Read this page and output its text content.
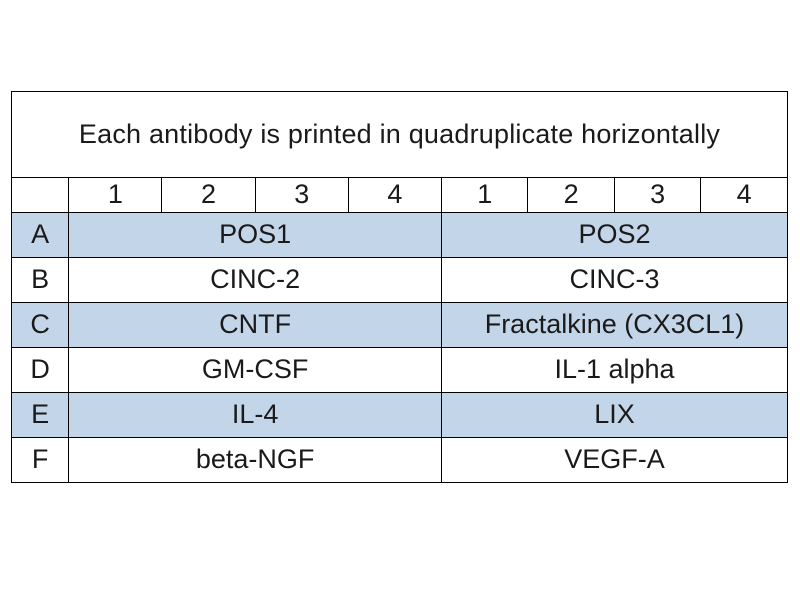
Each antibody is printed in quadruplicate horizontally								
	1	2	3	4	1	2	3	4
A	POS1				POS2			
B	CINC-2				CINC-3			
C	CNTF				Fractalkine (CX3CL1)			
D	GM-CSF				IL-1 alpha			
E	IL-4				LIX			
F	beta-NGF				VEGF-A			
